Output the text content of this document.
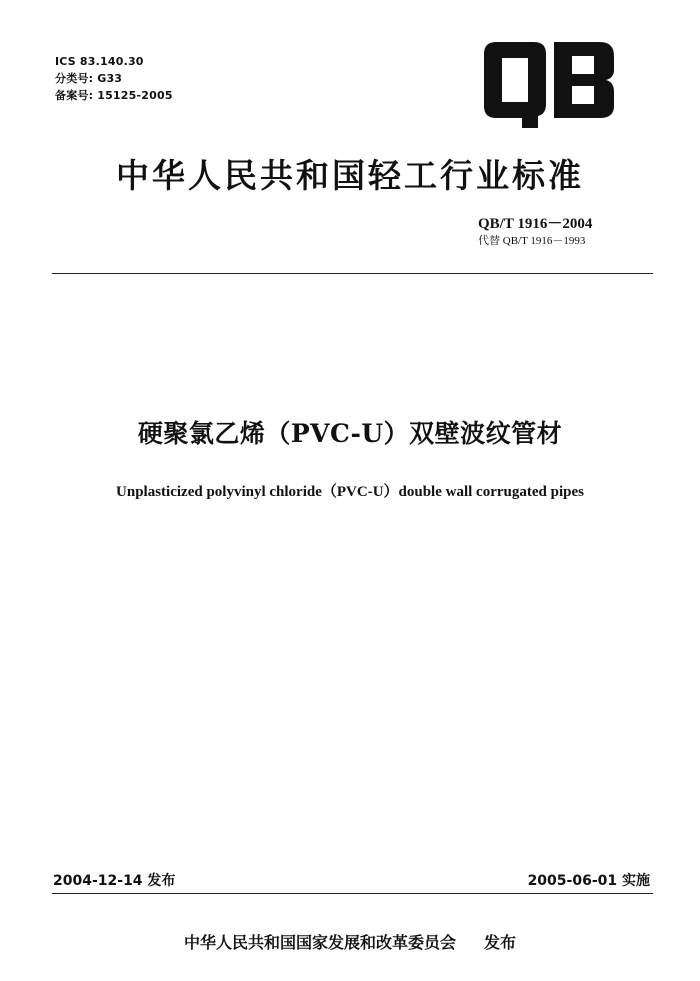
ICS 83.140.30
分类号: G33
备案号: 15125-2005
中华人民共和国轻工行业标准
QB/T 1916－2004
代替 QB/T 1916－1993
硬聚氯乙烯（PVC-U）双壁波纹管材
Unplasticized polyvinyl chloride（PVC-U）double wall corrugated pipes
2004-12-14 发布	2005-06-01 实施
中华人民共和国国家发展和改革委员会 发布
